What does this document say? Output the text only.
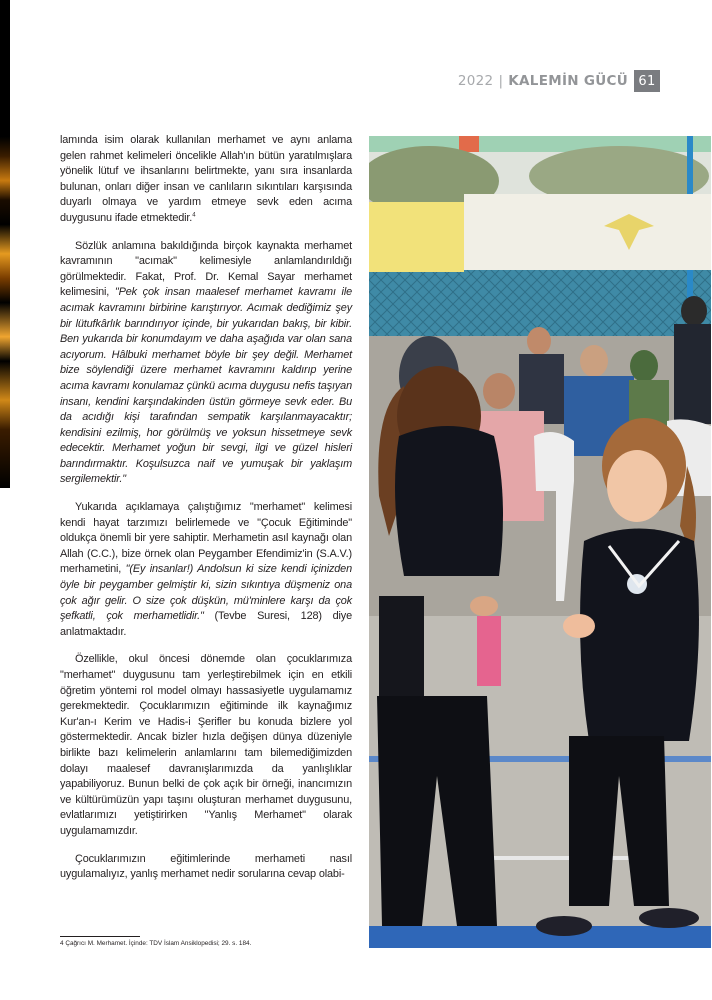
2022 | KALEMİN GÜCÜ 61

lamında isim olarak kullanılan merhamet ve aynı anlama gelen rahmet kelimeleri öncelikle Allah'ın bütün yaratılmışlara yönelik lütuf ve ihsanlarını belirtmekte, yanı sıra insanlarda bulunan, onları diğer insan ve canlıların sıkıntıları karşısında duyarlı olmaya ve yardım etmeye sevk eden acıma duygusunu ifade etmektedir.$^4$

Sözlük anlamına bakıldığında birçok kaynakta merhamet kavramının "acımak" kelimesiyle anlamlandırıldığı görülmektedir. Fakat, Prof. Dr. Kemal Sayar merhamet kelimesini, "Pek çok insan maalesef merhamet kavramı ile acımak kavramını birbirine karıştırıyor. Acımak dediğimiz şey bir lütufkârlık barındırıyor içinde, bir yukarıdan bakış, bir kibir. Ben yukarıda bir konumdayım ve daha aşağıda var olan sana acıyorum. Hâlbuki merhamet böyle bir şey değil. Merhamet bize söylendiği üzere merhamet kavramını kaldırıp yerine acıma kavramı konulamaz çünkü acıma duygusu nefis taşıyan insanı, kendini karşındakinden üstün görmeye sevk eder. Bu da acıdığı kişi tarafından sempatik karşılanmayacaktır; kendisini ezilmiş, hor görülmüş ve yoksun hissetmeye sevk edecektir. Merhamet yoğun bir sevgi, ilgi ve güzel hisleri barındırmaktır. Koşulsuzca naif ve yumuşak bir yaklaşım sergilemektir."

Yukarıda açıklamaya çalıştığımız "merhamet" kelimesi kendi hayat tarzımızı belirlemede ve "Çocuk Eğitiminde" oldukça önemli bir yere sahiptir. Merhametin asıl kaynağı olan Allah (C.C.), bize örnek olan Peygamber Efendimiz'in (S.A.V.) merhametini, "(Ey insanlar!) Andolsun ki size kendi içinizden öyle bir peygamber gelmiştir ki, sizin sıkıntıya düşmeniz ona çok ağır gelir. O size çok düşkün, mü'minlere karşı da çok şefkatli, çok merhametlidir." (Tevbe Suresi, 128) diye anlatmaktadır.

Özellikle, okul öncesi dönemde olan çocuklarımıza "merhamet" duygusunu tam yerleştirebilmek için en etkili öğretim yöntemi rol model olmayı hassasiyetle uygulamamız gerekmektedir. Çocuklarımızın eğitiminde ilk kaynağımız Kur'an-ı Kerim ve Hadis-i Şerifler bu konuda bizlere yol göstermektedir. Ancak bizler hızla değişen dünya düzeniyle birlikte bazı kelimelerin anlamlarını tam bilemediğimizden dolayı maalesef davranışlarımızda da yanlışlıklar yapabiliyoruz. Bunun belki de çok açık bir örneği, inancımızın ve kültürümüzün yapı taşını oluşturan merhamet duygusunu, evlatlarımızı yetiştirirken "Yanlış Merhamet" olarak uygulamamızdır.

Çocuklarımızın eğitimlerinde merhameti nasıl uygulamalıyız, yanlış merhamet nedir sorularına cevap olabi-

4 Çağrıcı M. Merhamet. İçinde: TDV İslam Ansiklopedisi; 29. s. 184.
